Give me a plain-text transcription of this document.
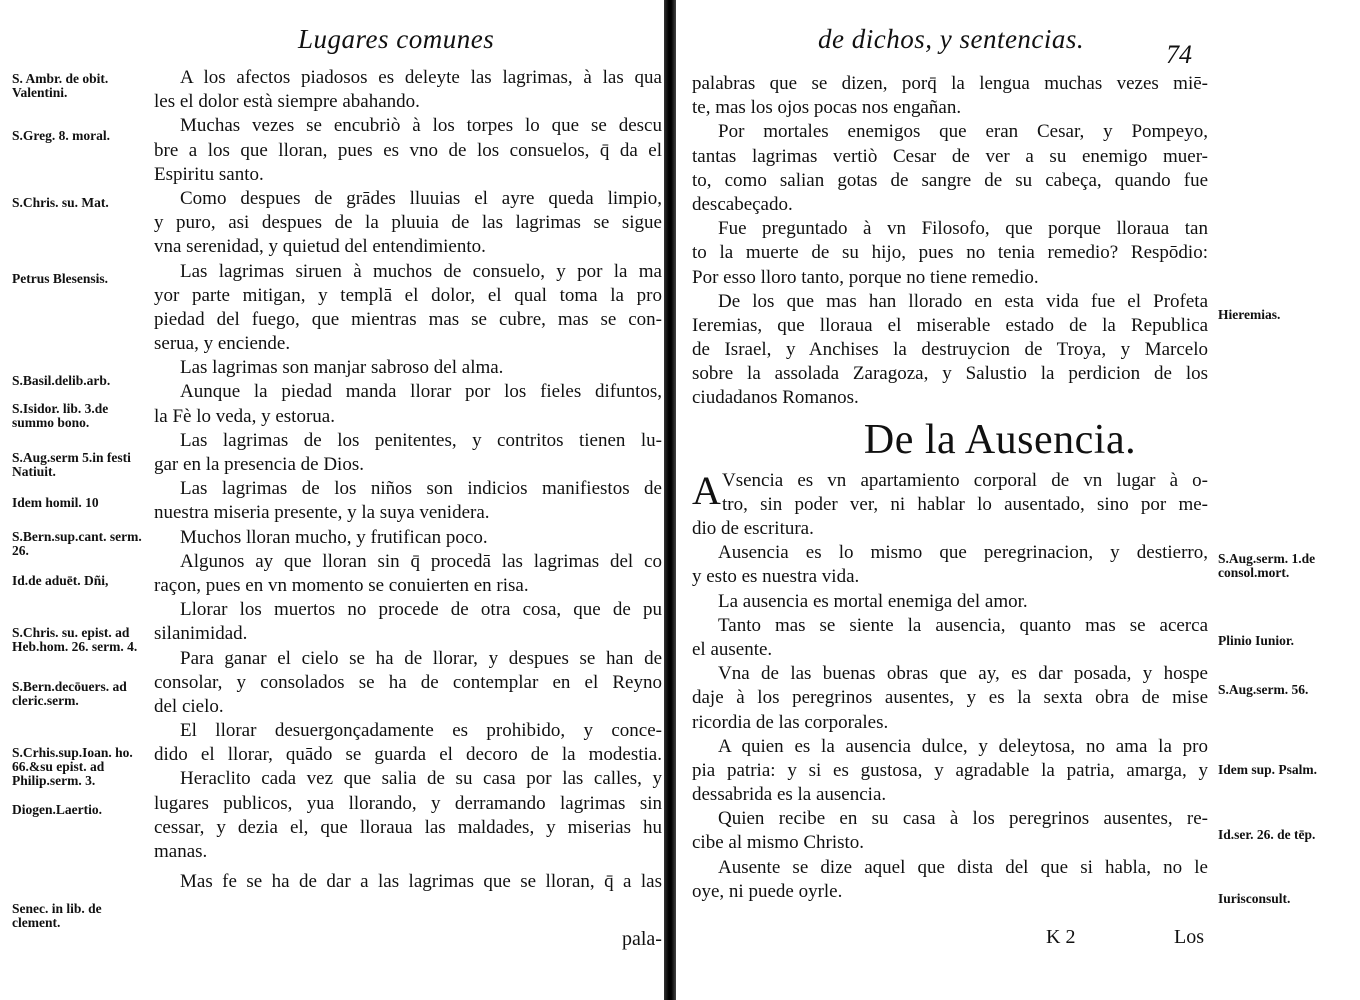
Lugares comunes
S. Ambr. de obit. Valentini.
S.Greg. 8. moral.
S.Chris. su. Mat.
Petrus Blesensis.
S.Basil.delib.arb.
S.Isidor. lib. 3.de summo bono.
S.Aug.serm 5.in festi Natiuit.
Idem homil. 10
S.Bern.sup.cant. serm. 26.
Id.de aduēt. Dñi,
S.Chris. su. epist. ad Heb.hom. 26. serm. 4.
S.Bern.decōuers. ad cleric.serm.
S.Crhis.sup.Ioan. ho. 66.&su epist. ad Philip.serm. 3.
Diogen.Laertio.
Senec. in lib. de clement.
A los afectos piadosos es deleyte las lagrimas, à las qua
les el dolor està siempre abahando.
Muchas vezes se encubriò à los torpes lo que se descu
bre a los que lloran, pues es vno de los consuelos, q̄ da el
Espiritu santo.
Como despues de grādes lluuias el ayre queda limpio,
y puro, asi despues de la pluuia de las lagrimas se sigue
vna serenidad, y quietud del entendimiento.
Las lagrimas siruen à muchos de consuelo, y por la ma
yor parte mitigan, y templā el dolor, el qual toma la pro
piedad del fuego, que mientras mas se cubre, mas se con-
serua, y enciende.
Las lagrimas son manjar sabroso del alma.
Aunque la piedad manda llorar por los fieles difuntos,
la Fè lo veda, y estorua.
Las lagrimas de los penitentes, y contritos tienen lu-
gar en la presencia de Dios.
Las lagrimas de los niños son indicios manifiestos de
nuestra miseria presente, y la suya venidera.
Muchos lloran mucho, y frutifican poco.
Algunos ay que lloran sin q̄ procedā las lagrimas del co
raçon, pues en vn momento se conuierten en risa.
Llorar los muertos no procede de otra cosa, que de pu
silanimidad.
Para ganar el cielo se ha de llorar, y despues se han de
consolar, y consolados se ha de contemplar en el Reyno
del cielo.
El llorar desuergonçadamente es prohibido, y conce-
dido el llorar, quādo se guarda el decoro de la modestia.
Heraclito cada vez que salia de su casa por las calles, y
lugares publicos, yua llorando, y derramando lagrimas sin
cessar, y dezia el, que lloraua las maldades, y miserias hu
manas.
Mas fe se ha de dar a las lagrimas que se lloran, q̄ a las
pala-
de dichos, y sentencias.
74
palabras que se dizen, porq̄ la lengua muchas vezes miē-
te, mas los ojos pocas nos engañan.
Por mortales enemigos que eran Cesar, y Pompeyo,
tantas lagrimas vertiò Cesar de ver a su enemigo muer-
to, como salian gotas de sangre de su cabeça, quando fue
descabeçado.
Fue preguntado à vn Filosofo, que porque lloraua tan
to la muerte de su hijo, pues no tenia remedio? Respōdio:
Por esso lloro tanto, porque no tiene remedio.
De los que mas han llorado en esta vida fue el Profeta
Ieremias, que lloraua el miserable estado de la Republica
de Israel, y Anchises la destruycion de Troya, y Marcelo
sobre la assolada Zaragoza, y Salustio la perdicion de los
ciudadanos Romanos.
De la Ausencia.
A Vsencia es vn apartamiento corporal de vn lugar à o-
tro, sin poder ver, ni hablar lo ausentado, sino por me-
dio de escritura.
Ausencia es lo mismo que peregrinacion, y destierro,
y esto es nuestra vida.
La ausencia es mortal enemiga del amor.
Tanto mas se siente la ausencia, quanto mas se acerca
el ausente.
Vna de las buenas obras que ay, es dar posada, y hospe
daje à los peregrinos ausentes, y es la sexta obra de mise
ricordia de las corporales.
A quien es la ausencia dulce, y deleytosa, no ama la pro
pia patria: y si es gustosa, y agradable la patria, amarga, y
dessabrida es la ausencia.
Quien recibe en su casa à los peregrinos ausentes, re-
cibe al mismo Christo.
Ausente se dize aquel que dista del que si habla, no le
oye, ni puede oyrle.
Hieremias.
S.Aug.serm. 1.de consol.mort.
Plinio Iunior.
S.Aug.serm. 56.
Idem sup. Psalm.
Id.ser. 26. de tēp.
Iurisconsult.
K 2	Los
